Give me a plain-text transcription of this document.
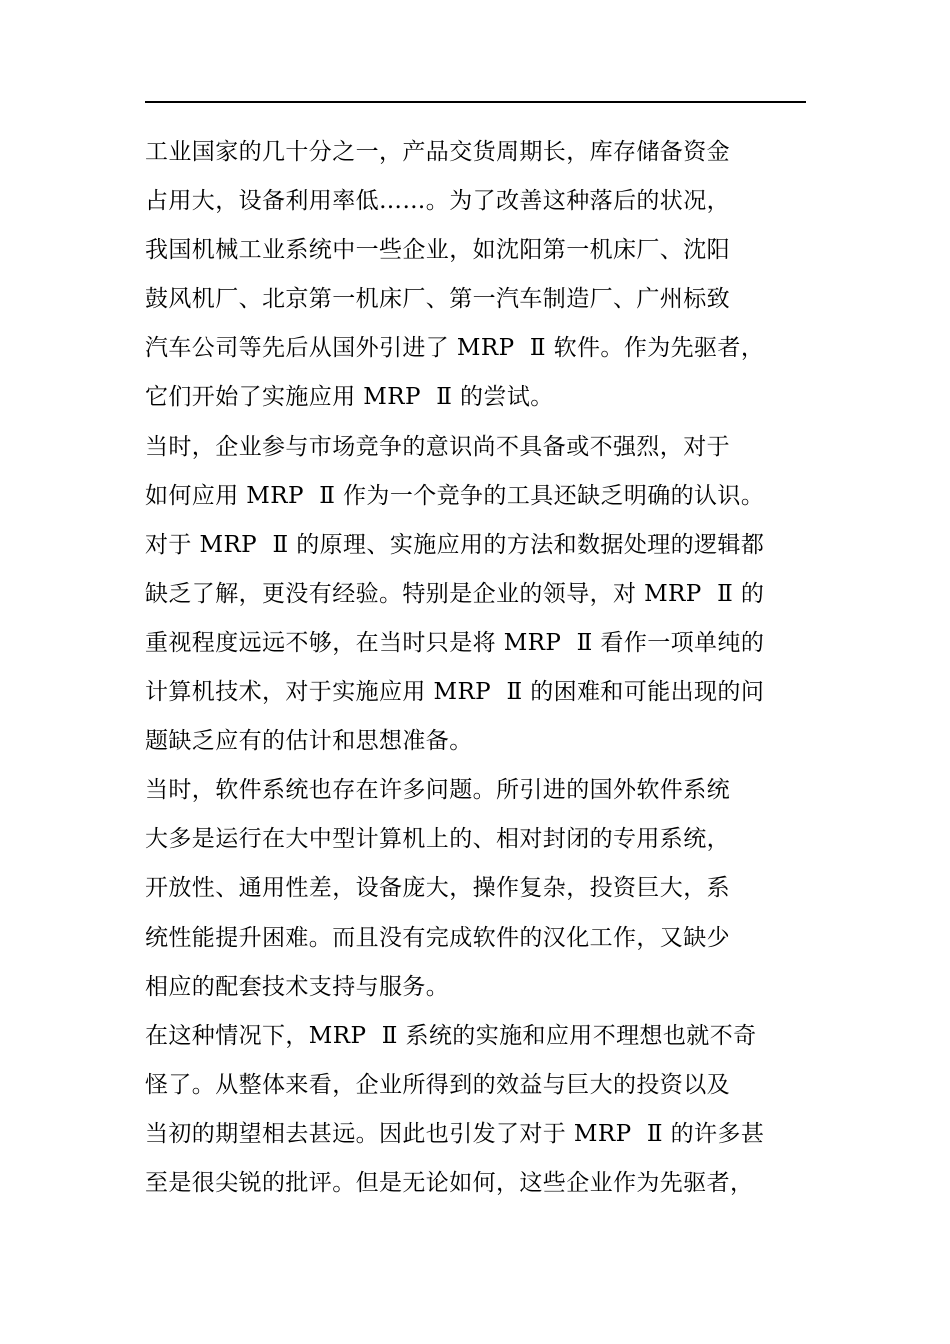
工业国家的几十分之一，产品交货周期长，库存储备资金
占用大，设备利用率低……。为了改善这种落后的状况，
我国机械工业系统中一些企业，如沈阳第一机床厂、沈阳
鼓风机厂、北京第一机床厂、第一汽车制造厂、广州标致
汽车公司等先后从国外引进了 MRP  Ⅱ 软件。作为先驱者，
它们开始了实施应用 MRP  Ⅱ 的尝试。
当时，企业参与市场竞争的意识尚不具备或不强烈，对于
如何应用 MRP  Ⅱ 作为一个竞争的工具还缺乏明确的认识。
对于 MRP  Ⅱ 的原理、实施应用的方法和数据处理的逻辑都
缺乏了解，更没有经验。特别是企业的领导，对 MRP  Ⅱ 的
重视程度远远不够，在当时只是将 MRP  Ⅱ 看作一项单纯的
计算机技术，对于实施应用 MRP  Ⅱ 的困难和可能出现的问
题缺乏应有的估计和思想准备。
当时，软件系统也存在许多问题。所引进的国外软件系统
大多是运行在大中型计算机上的、相对封闭的专用系统，
开放性、通用性差，设备庞大，操作复杂，投资巨大，系
统性能提升困难。而且没有完成软件的汉化工作，又缺少
相应的配套技术支持与服务。
在这种情况下，MRP  Ⅱ 系统的实施和应用不理想也就不奇
怪了。从整体来看，企业所得到的效益与巨大的投资以及
当初的期望相去甚远。因此也引发了对于 MRP  Ⅱ 的许多甚
至是很尖锐的批评。但是无论如何，这些企业作为先驱者，
